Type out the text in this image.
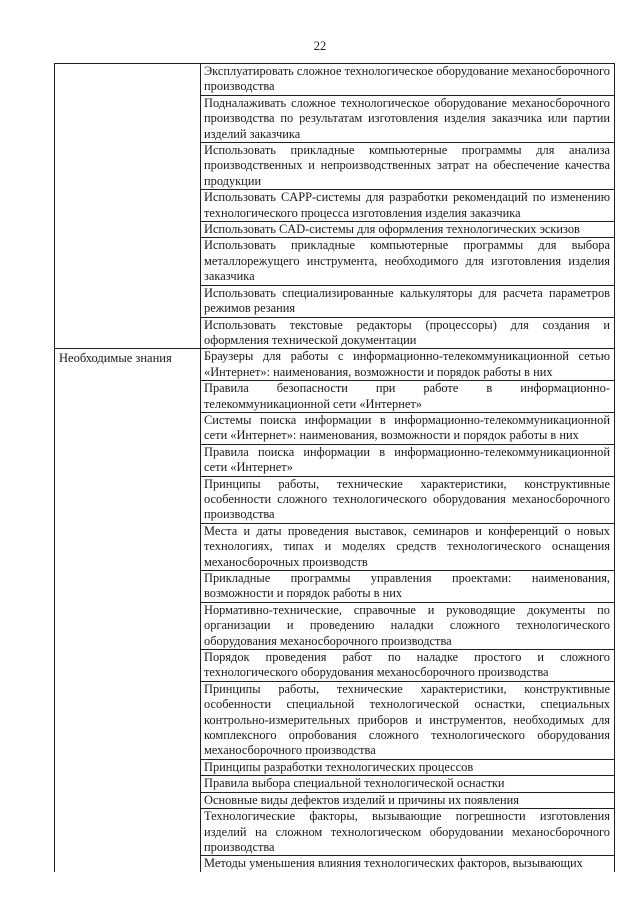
22
Эксплуатировать сложное технологическое оборудование механосборочного производства
Подналаживать сложное технологическое оборудование механосборочного производства по результатам изготовления изделия заказчика или партии изделий заказчика
Использовать прикладные компьютерные программы для анализа производственных и непроизводственных затрат на обеспечение качества продукции
Использовать CAPP-системы для разработки рекомендаций по изменению технологического процесса изготовления изделия заказчика
Использовать CAD-системы для оформления технологических эскизов
Использовать прикладные компьютерные программы для выбора металлорежущего инструмента, необходимого для изготовления изделия заказчика
Использовать специализированные калькуляторы для расчета параметров режимов резания
Использовать текстовые редакторы (процессоры) для создания и оформления технической документации
Необходимые знания	Браузеры для работы с информационно-телекоммуникационной сетью «Интернет»: наименования, возможности и порядок работы в них
Правила безопасности при работе в информационно-телекоммуникационной сети «Интернет»
Системы поиска информации в информационно-телекоммуникационной сети «Интернет»: наименования, возможности и порядок работы в них
Правила поиска информации в информационно-телекоммуникационной сети «Интернет»
Принципы работы, технические характеристики, конструктивные особенности сложного технологического оборудования механосборочного производства
Места и даты проведения выставок, семинаров и конференций о новых технологиях, типах и моделях средств технологического оснащения механосборочных производств
Прикладные программы управления проектами: наименования, возможности и порядок работы в них
Нормативно-технические, справочные и руководящие документы по организации и проведению наладки сложного технологического оборудования механосборочного производства
Порядок проведения работ по наладке простого и сложного технологического оборудования механосборочного производства
Принципы работы, технические характеристики, конструктивные особенности специальной технологической оснастки, специальных контрольно-измерительных приборов и инструментов, необходимых для комплексного опробования сложного технологического оборудования механосборочного производства
Принципы разработки технологических процессов
Правила выбора специальной технологической оснастки
Основные виды дефектов изделий и причины их появления
Технологические факторы, вызывающие погрешности изготовления изделий на сложном технологическом оборудовании механосборочного производства
Методы уменьшения влияния технологических факторов, вызывающих
